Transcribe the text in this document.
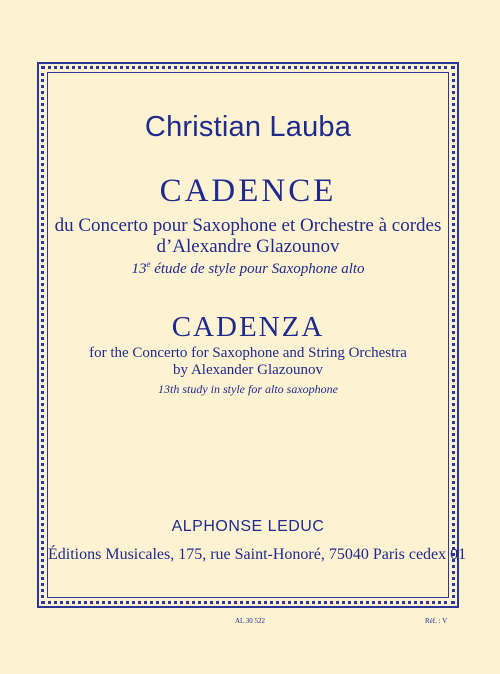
Christian Lauba
CADENCE
du Concerto pour Saxophone et Orchestre à cordes
d’Alexandre Glazounov
13e étude de style pour Saxophone alto
CADENZA
for the Concerto for Saxophone and String Orchestra
by Alexander Glazounov
13th study in style for alto saxophone
ALPHONSE LEDUC
Éditions Musicales, 175, rue Saint-Honoré, 75040 Paris cedex 01
AL 30 522	Réf. : V
